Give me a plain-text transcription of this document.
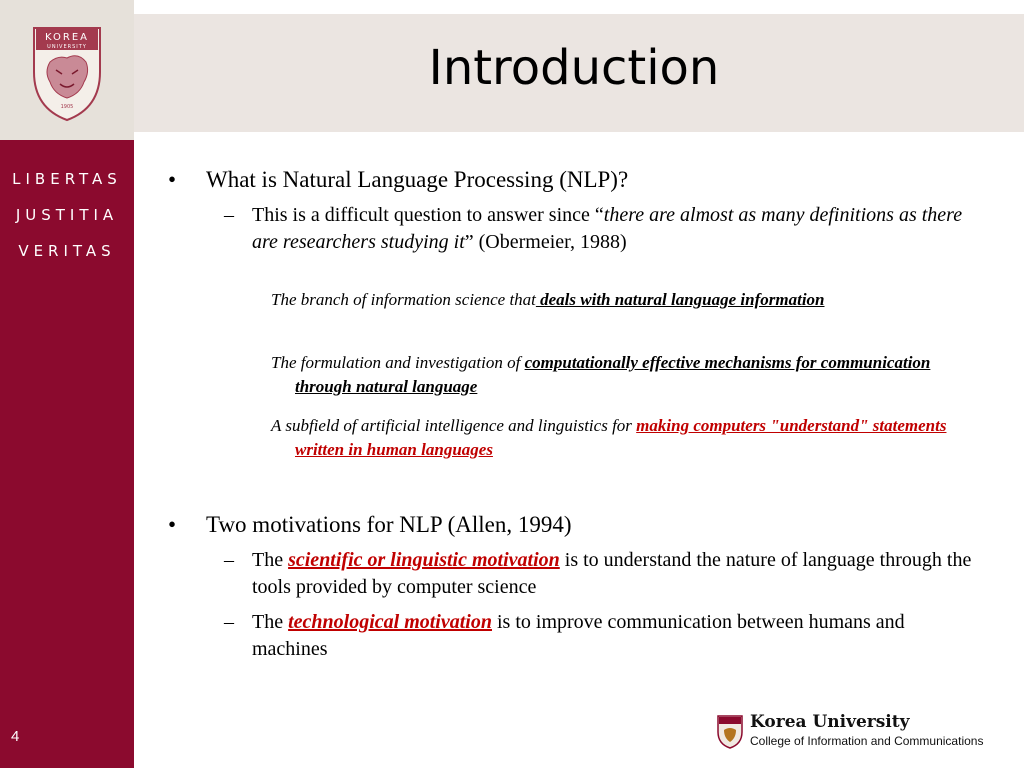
KOREA
UNIVERSITY
1905
LIBERTAS
JUSTITIA
VERITAS
4
Introduction
• What is Natural Language Processing (NLP)?
– This is a difficult question to answer since “there are almost as many definitions as there are researchers studying it” (Obermeier, 1988)
The branch of information science that deals with natural language information
The formulation and investigation of computationally effective mechanisms for communication through natural language
A subfield of artificial intelligence and linguistics for making computers "understand" statements written in human languages
• Two motivations for NLP (Allen, 1994)
– The scientific or linguistic motivation is to understand the nature of language through the tools provided by computer science
– The technological motivation is to improve communication between humans and machines
Korea University
College of Information and Communications
